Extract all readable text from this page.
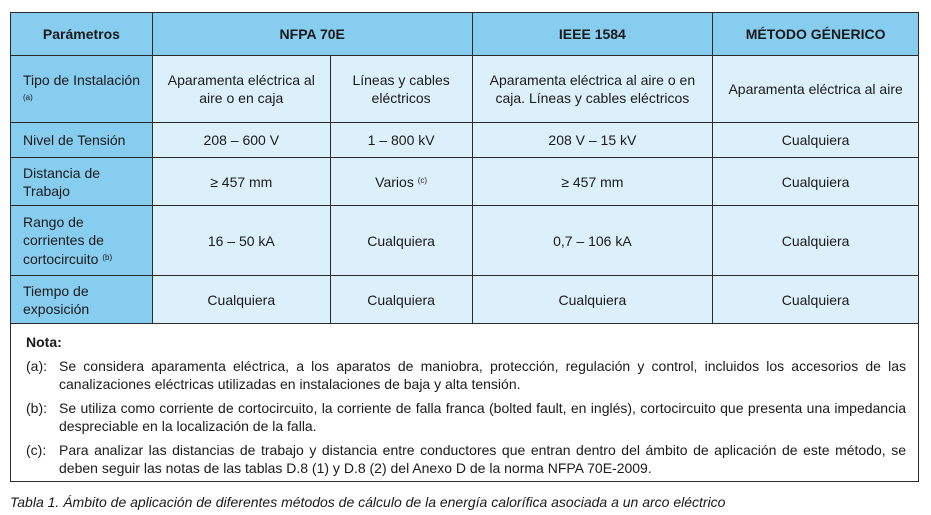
Parámetros	NFPA 70E		IEEE 1584	MÉTODO GÉNERICO
Tipo de Instalación $^{(a)}$	Aparamenta eléctrica al aire o en caja	Líneas y cables eléctricos	Aparamenta eléctrica al aire o en caja. Líneas y cables eléctricos	Aparamenta eléctrica al aire
Nivel de Tensión	208 – 600 V	1 – 800 kV	208 V – 15 kV	Cualquiera
Distancia de Trabajo	≥ 457 mm	Varios $^{(c)}$	≥ 457 mm	Cualquiera
Rango de corrientes de cortocircuito $^{(b)}$	16 – 50 kA	Cualquiera	0,7 – 106 kA	Cualquiera
Tiempo de exposición	Cualquiera	Cualquiera	Cualquiera	Cualquiera
Nota:
(a): Se considera aparamenta eléctrica, a los aparatos de maniobra, protección, regulación y control, incluidos los accesorios de las canalizaciones eléctricas utilizadas en instalaciones de baja y alta tensión.
(b): Se utiliza como corriente de cortocircuito, la corriente de falla franca (bolted fault, en inglés), cortocircuito que presenta una impedancia despreciable en la localización de la falla.
(c): Para analizar las distancias de trabajo y distancia entre conductores que entran dentro del ámbito de aplicación de este método, se deben seguir las notas de las tablas D.8 (1) y D.8 (2) del Anexo D de la norma NFPA 70E-2009.
Tabla 1. Ámbito de aplicación de diferentes métodos de cálculo de la energía calorífica asociada a un arco eléctrico
